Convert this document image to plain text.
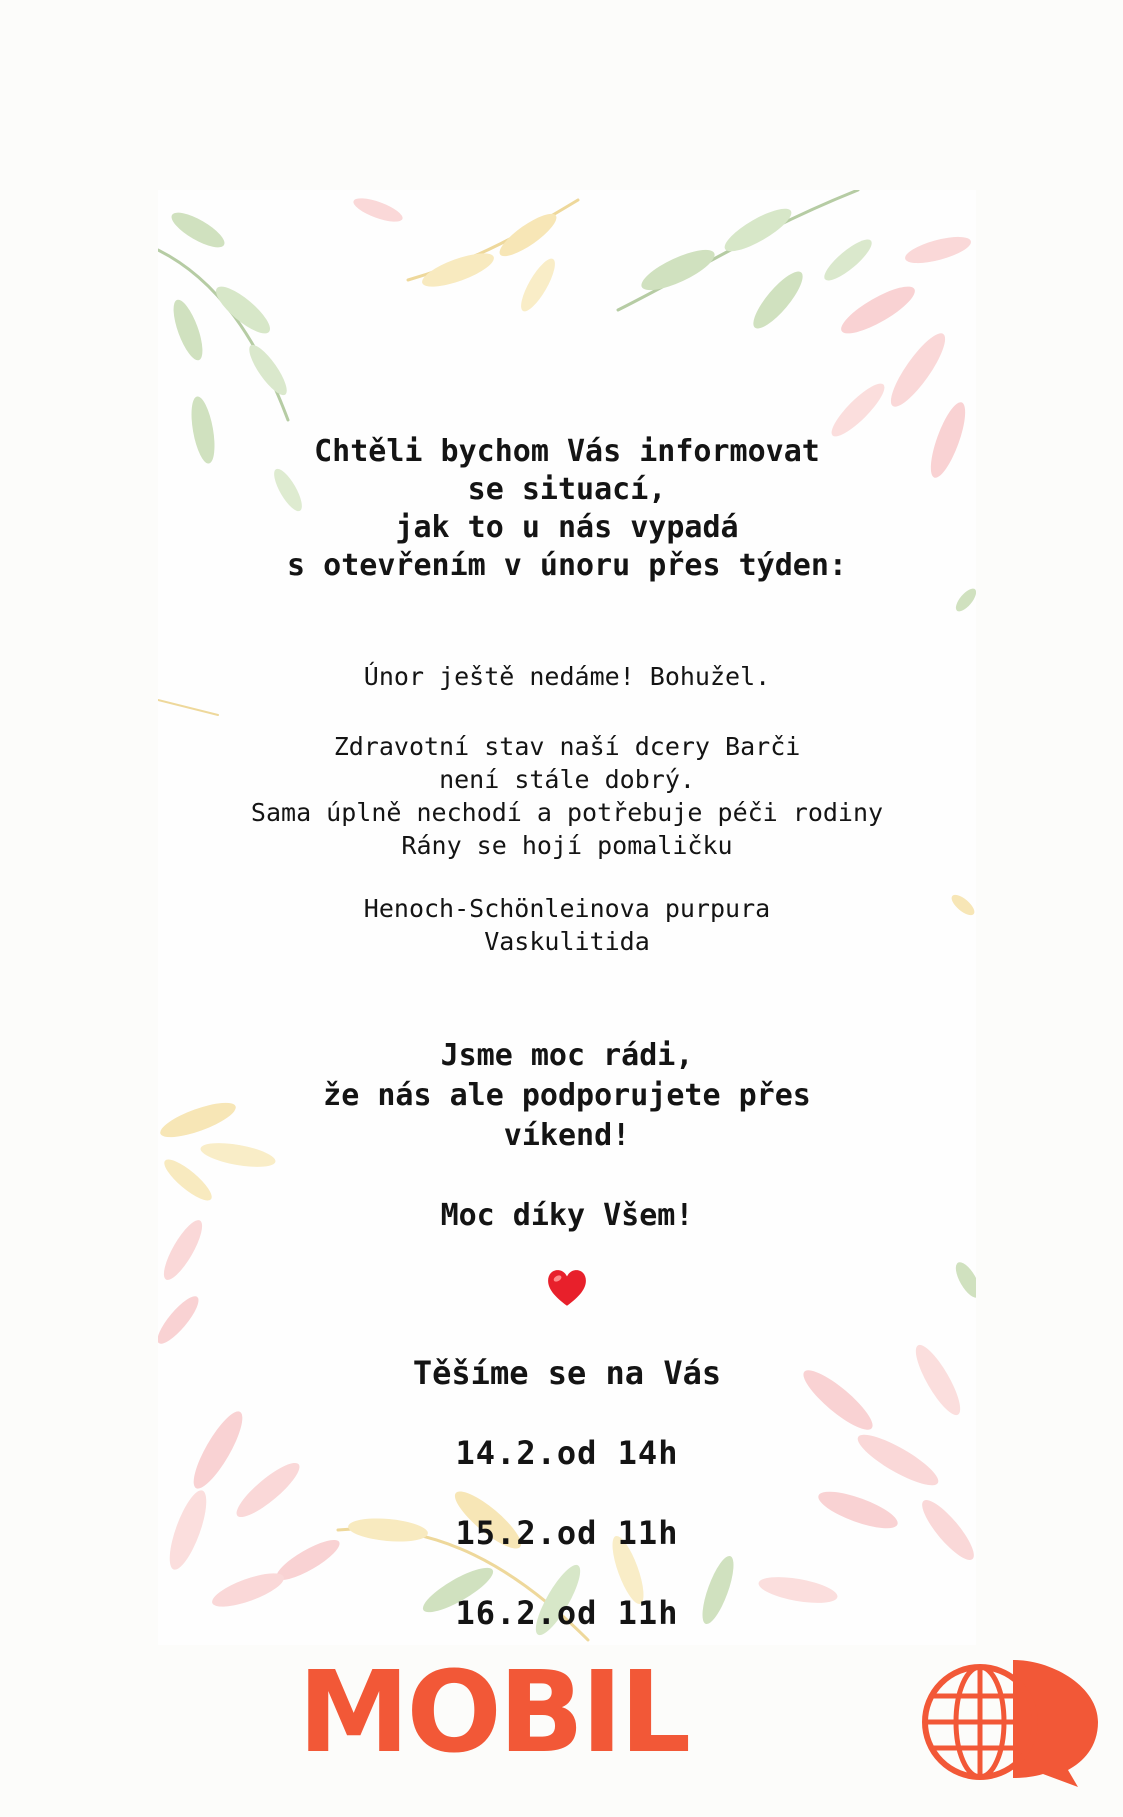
Chtěli bychom Vás informovat
se situací,
jak to u nás vypadá
s otevřením v únoru přes týden:
Únor ještě nedáme! Bohužel.
Zdravotní stav naší dcery Barči
není stále dobrý.
Sama úplně nechodí a potřebuje péči rodiny
Rány se hojí pomaličku
Henoch-Schönleinova purpura
Vaskulitida
Jsme moc rádi,
že nás ale podporujete přes
víkend!
Moc díky Všem!
Těšíme se na Vás

14.2.od 14h

15.2.od 11h

16.2.od 11h

MOBIL
